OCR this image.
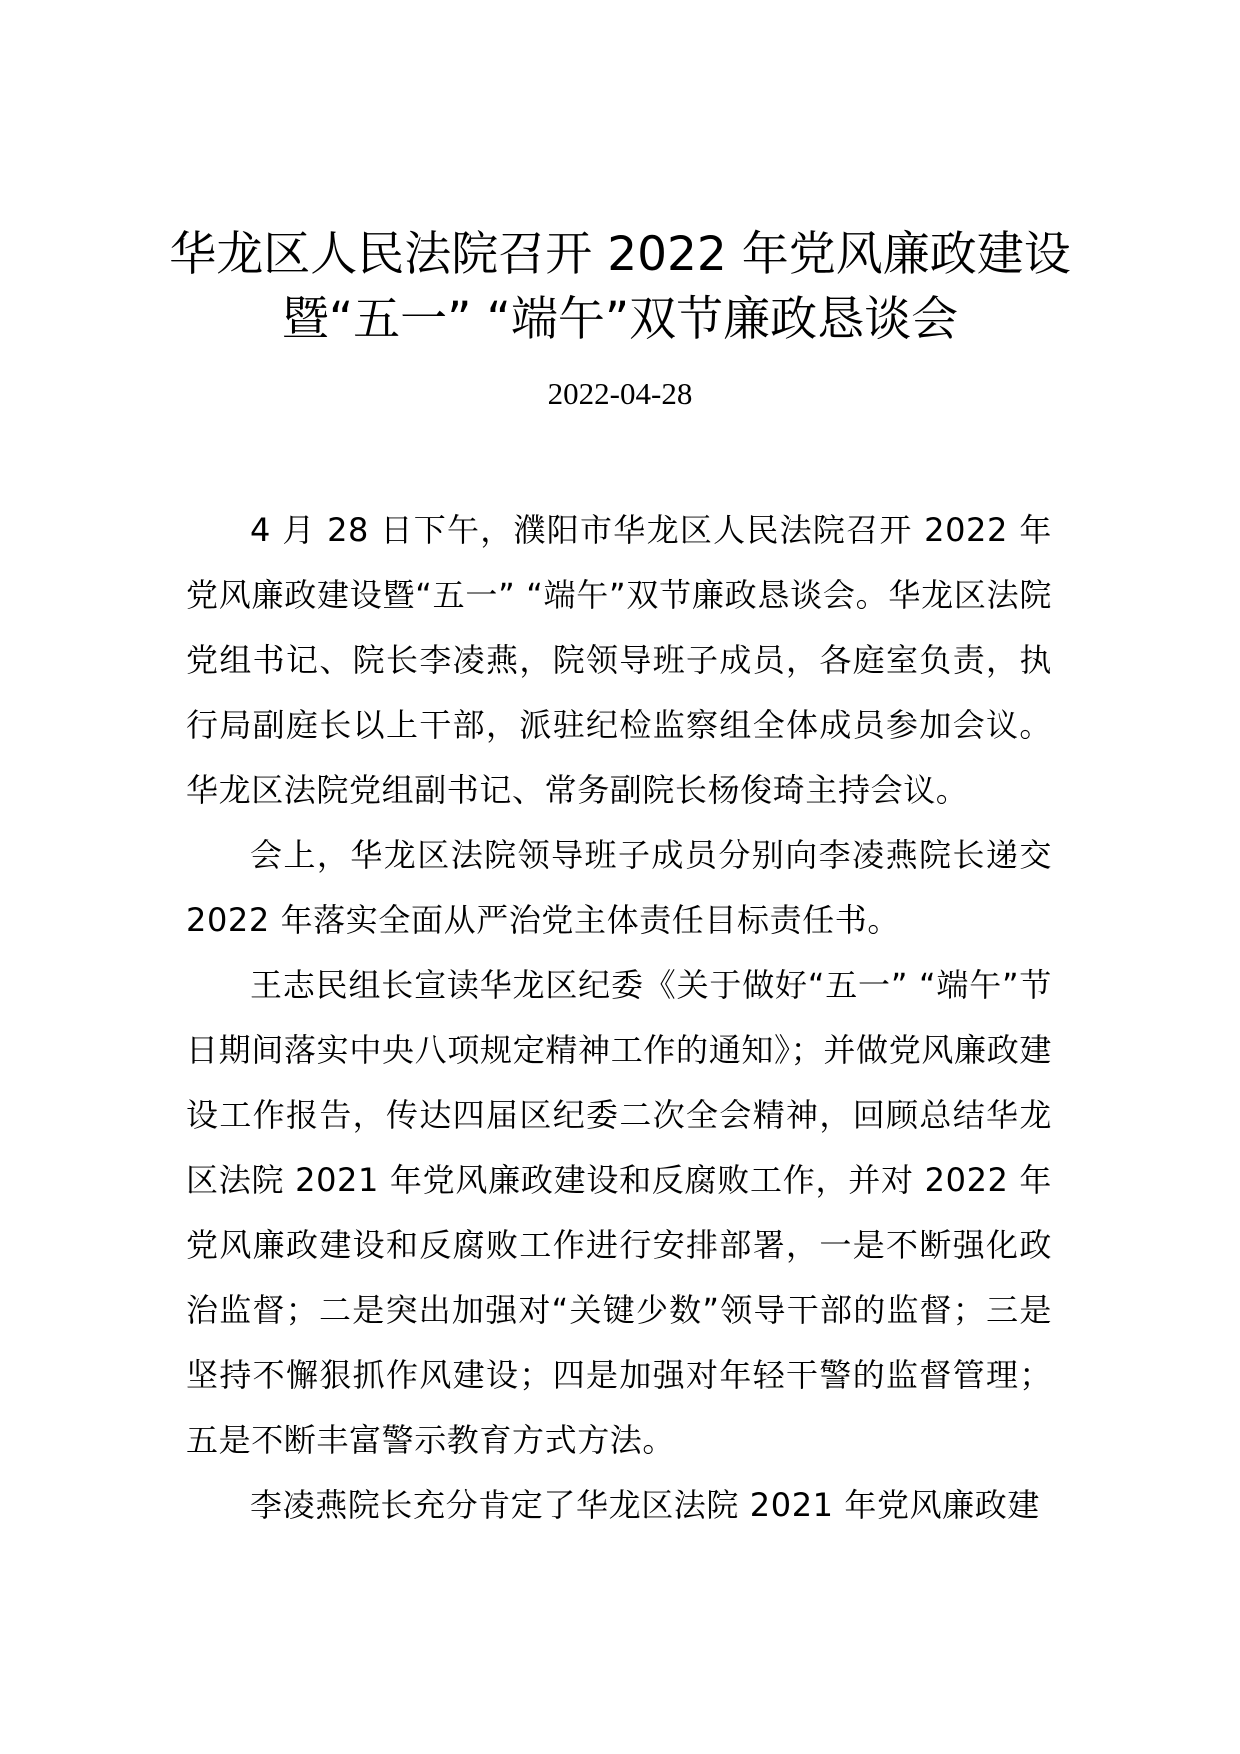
华龙区人民法院召开 2022 年党风廉政建设
暨“五一” “端午”双节廉政恳谈会
2022-04-28

4 月 28 日下午，濮阳市华龙区人民法院召开 2022 年党风廉政建设暨“五一” “端午”双节廉政恳谈会。华龙区法院党组书记、院长李凌燕，院领导班子成员，各庭室负责，执行局副庭长以上干部，派驻纪检监察组全体成员参加会议。华龙区法院党组副书记、常务副院长杨俊琦主持会议。

会上，华龙区法院领导班子成员分别向李凌燕院长递交 2022 年落实全面从严治党主体责任目标责任书。

王志民组长宣读华龙区纪委《关于做好“五一” “端午”节日期间落实中央八项规定精神工作的通知》；并做党风廉政建设工作报告，传达四届区纪委二次全会精神，回顾总结华龙区法院 2021 年党风廉政建设和反腐败工作，并对 2022 年党风廉政建设和反腐败工作进行安排部署，一是不断强化政治监督；二是突出加强对“关键少数”领导干部的监督；三是坚持不懈狠抓作风建设；四是加强对年轻干警的监督管理；五是不断丰富警示教育方式方法。

李凌燕院长充分肯定了华龙区法院 2021 年党风廉政建
